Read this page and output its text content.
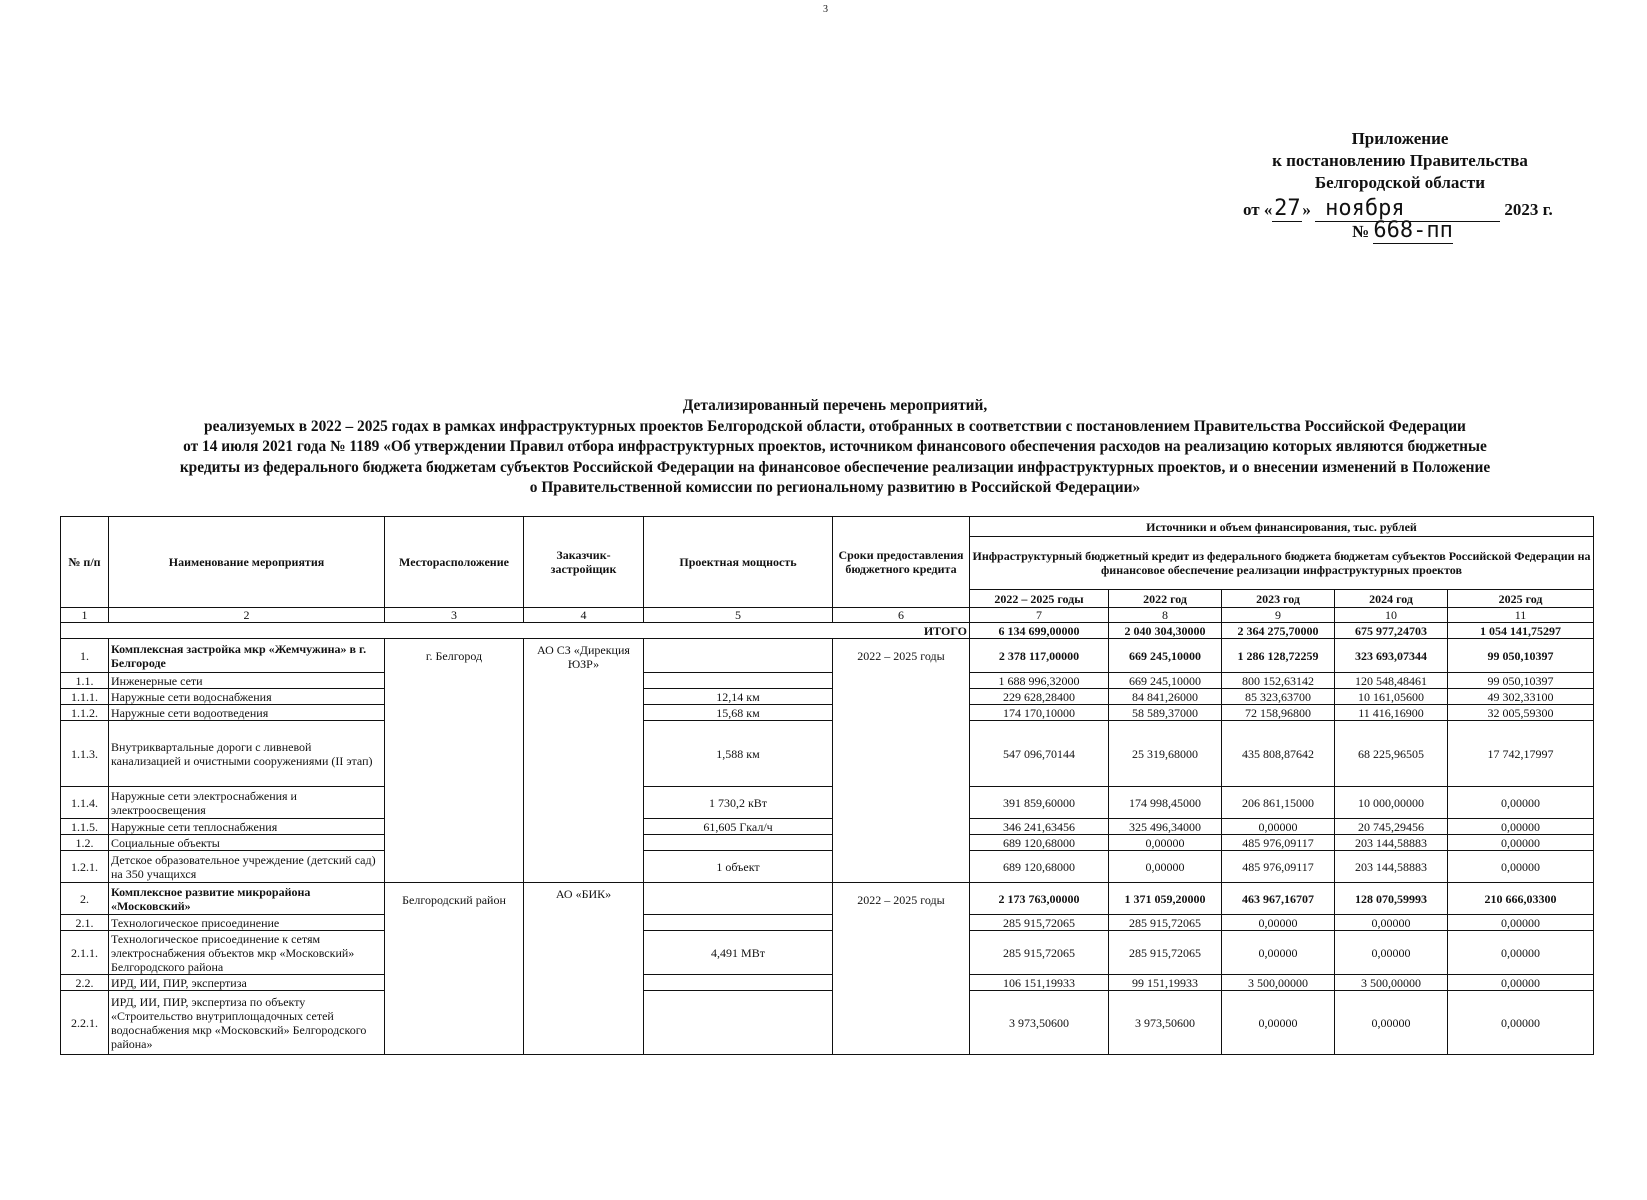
3
Приложение
к постановлению Правительства
Белгородской области
от «27 » ноября	2023 г.
№ 668-пп
Детализированный перечень мероприятий,
реализуемых в 2022 – 2025 годах в рамках инфраструктурных проектов Белгородской области, отобранных в соответствии с постановлением Правительства Российской Федерации
от 14 июля 2021 года № 1189 «Об утверждении Правил отбора инфраструктурных проектов, источником финансового обеспечения расходов на реализацию которых являются бюджетные
кредиты из федерального бюджета бюджетам субъектов Российской Федерации на финансовое обеспечение реализации инфраструктурных проектов, и о внесении изменений в Положение
о Правительственной комиссии по региональному развитию в Российской Федерации»
№ п/п	Наименование мероприятия	Месторасположение	Заказчик-застройщик	Проектная мощность	Сроки предоставления бюджетного кредита	Источники и объем финансирования, тыс. рублей				
						Инфраструктурный бюджетный кредит из федерального бюджета бюджетам субъектов Российской Федерации на финансовое обеспечение реализации инфраструктурных проектов				
						2022 – 2025 годы	2022 год	2023 год	2024 год	2025 год
1	2	3	4	5	6	7	8	9	10	11
ИТОГО						6 134 699,00000	2 040 304,30000	2 364 275,70000	675 977,24703	1 054 141,75297
1.	Комплексная застройка мкр «Жемчужина» в г. Белгороде	г. Белгород	АО СЗ «Дирекция ЮЗР»		2022 – 2025 годы	2 378 117,00000	669 245,10000	1 286 128,72259	323 693,07344	99 050,10397
1.1.	Инженерные сети					1 688 996,32000	669 245,10000	800 152,63142	120 548,48461	99 050,10397
1.1.1.	Наружные сети водоснабжения			12,14 км		229 628,28400	84 841,26000	85 323,63700	10 161,05600	49 302,33100
1.1.2.	Наружные сети водоотведения			15,68 км		174 170,10000	58 589,37000	72 158,96800	11 416,16900	32 005,59300
1.1.3.	Внутриквартальные дороги с ливневой канализацией и очистными сооружениями (II этап)			1,588 км		547 096,70144	25 319,68000	435 808,87642	68 225,96505	17 742,17997
1.1.4.	Наружные сети электроснабжения и электроосвещения			1 730,2 кВт		391 859,60000	174 998,45000	206 861,15000	10 000,00000	0,00000
1.1.5.	Наружные сети теплоснабжения			61,605 Гкал/ч		346 241,63456	325 496,34000	0,00000	20 745,29456	0,00000
1.2.	Социальные объекты					689 120,68000	0,00000	485 976,09117	203 144,58883	0,00000
1.2.1.	Детское образовательное учреждение (детский сад) на 350 учащихся			1 объект		689 120,68000	0,00000	485 976,09117	203 144,58883	0,00000
2.	Комплексное развитие микрорайона «Московский»	Белгородский район	АО «БИК»		2022 – 2025 годы	2 173 763,00000	1 371 059,20000	463 967,16707	128 070,59993	210 666,03300
2.1.	Технологическое присоединение					285 915,72065	285 915,72065	0,00000	0,00000	0,00000
2.1.1.	Технологическое присоединение к сетям электроснабжения объектов мкр «Московский» Белгородского района			4,491 МВт		285 915,72065	285 915,72065	0,00000	0,00000	0,00000
2.2.	ИРД, ИИ, ПИР, экспертиза					106 151,19933	99 151,19933	3 500,00000	3 500,00000	0,00000
2.2.1.	ИРД, ИИ, ПИР, экспертиза по объекту «Строительство внутриплощадочных сетей водоснабжения мкр «Московский» Белгородского района»					3 973,50600	3 973,50600	0,00000	0,00000	0,00000
